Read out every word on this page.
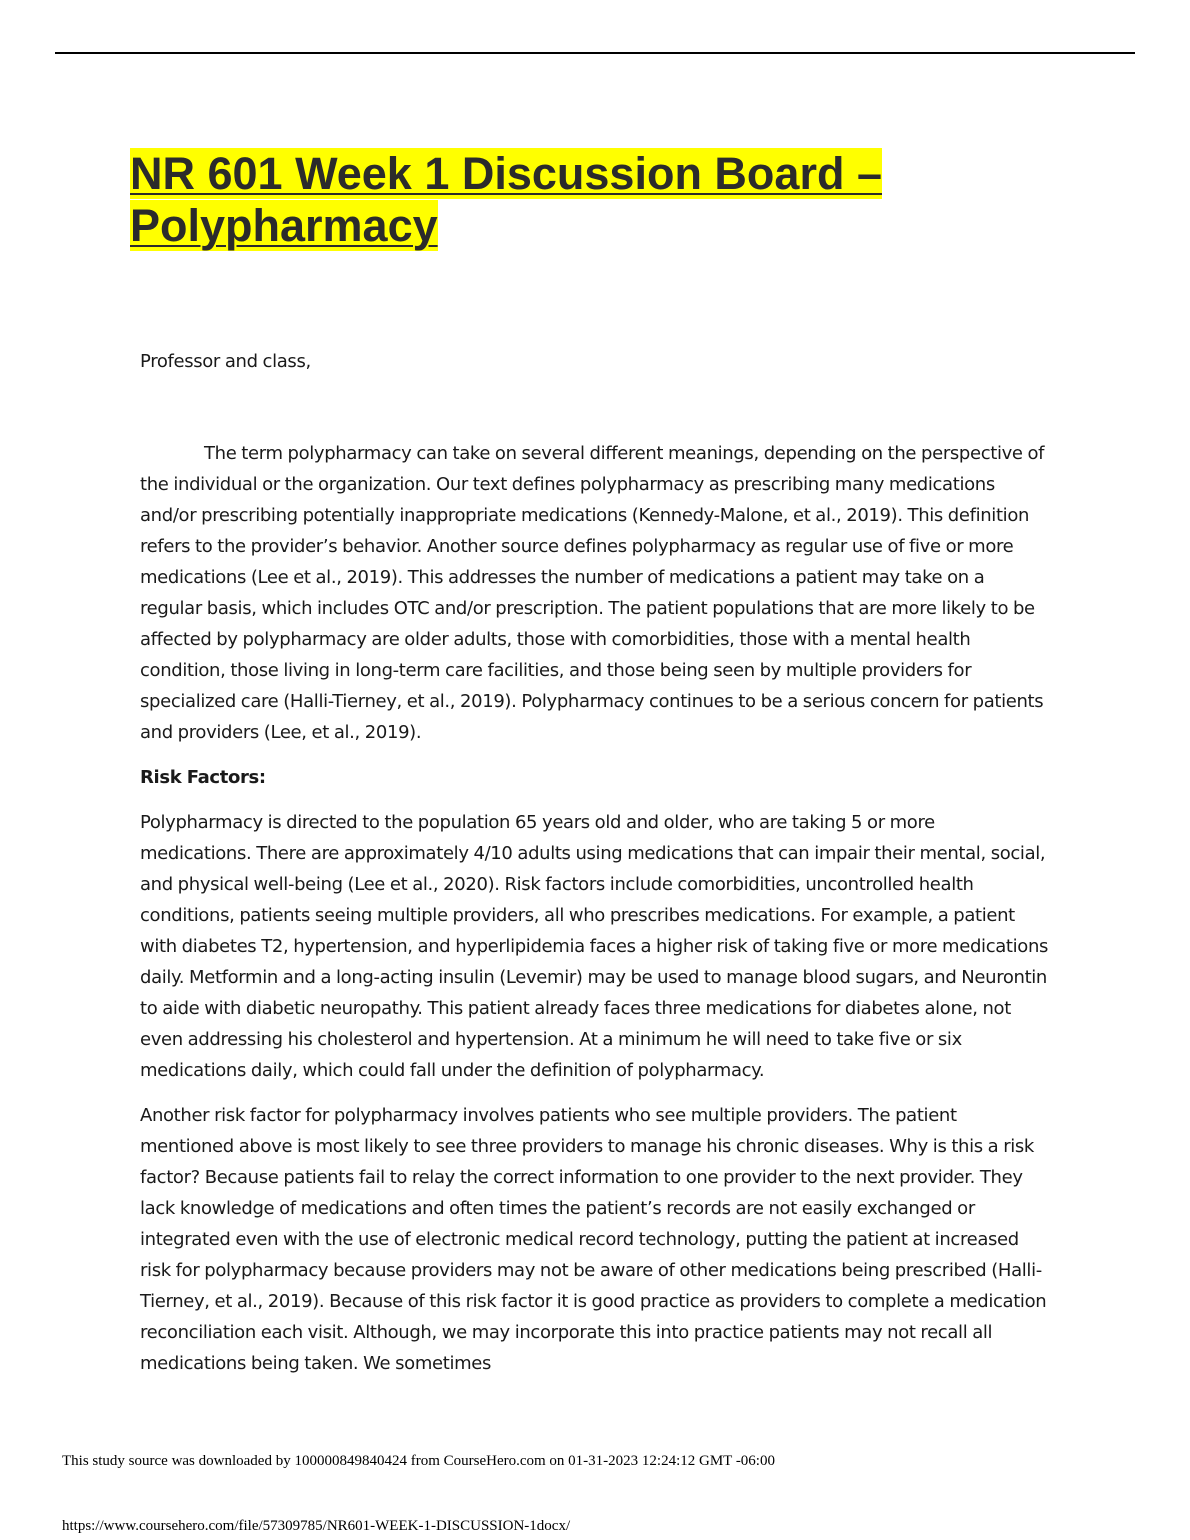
NR 601 Week 1 Discussion Board – Polypharmacy

Professor and class,

The term polypharmacy can take on several different meanings, depending on the perspective of the individual or the organization. Our text defines polypharmacy as prescribing many medications and/or prescribing potentially inappropriate medications (Kennedy-Malone, et al., 2019). This definition refers to the provider’s behavior. Another source defines polypharmacy as regular use of five or more medications (Lee et al., 2019). This addresses the number of medications a patient may take on a regular basis, which includes OTC and/or prescription. The patient populations that are more likely to be affected by polypharmacy are older adults, those with comorbidities, those with a mental health condition, those living in long-term care facilities, and those being seen by multiple providers for specialized care (Halli-Tierney, et al., 2019). Polypharmacy continues to be a serious concern for patients and providers (Lee, et al., 2019).

Risk Factors:

Polypharmacy is directed to the population 65 years old and older, who are taking 5 or more medications. There are approximately 4/10 adults using medications that can impair their mental, social, and physical well-being (Lee et al., 2020). Risk factors include comorbidities, uncontrolled health conditions, patients seeing multiple providers, all who prescribes medications. For example, a patient with diabetes T2, hypertension, and hyperlipidemia faces a higher risk of taking five or more medications daily. Metformin and a long-acting insulin (Levemir) may be used to manage blood sugars, and Neurontin to aide with diabetic neuropathy. This patient already faces three medications for diabetes alone, not even addressing his cholesterol and hypertension. At a minimum he will need to take five or six medications daily, which could fall under the definition of polypharmacy.

Another risk factor for polypharmacy involves patients who see multiple providers. The patient mentioned above is most likely to see three providers to manage his chronic diseases. Why is this a risk factor? Because patients fail to relay the correct information to one provider to the next provider. They lack knowledge of medications and often times the patient’s records are not easily exchanged or integrated even with the use of electronic medical record technology, putting the patient at increased risk for polypharmacy because providers may not be aware of other medications being prescribed (Halli-Tierney, et al., 2019). Because of this risk factor it is good practice as providers to complete a medication reconciliation each visit. Although, we may incorporate this into practice patients may not recall all medications being taken. We sometimes

This study source was downloaded by 100000849840424 from CourseHero.com on 01-31-2023 12:24:12 GMT -06:00
https://www.coursehero.com/file/57309785/NR601-WEEK-1-DISCUSSION-1docx/
